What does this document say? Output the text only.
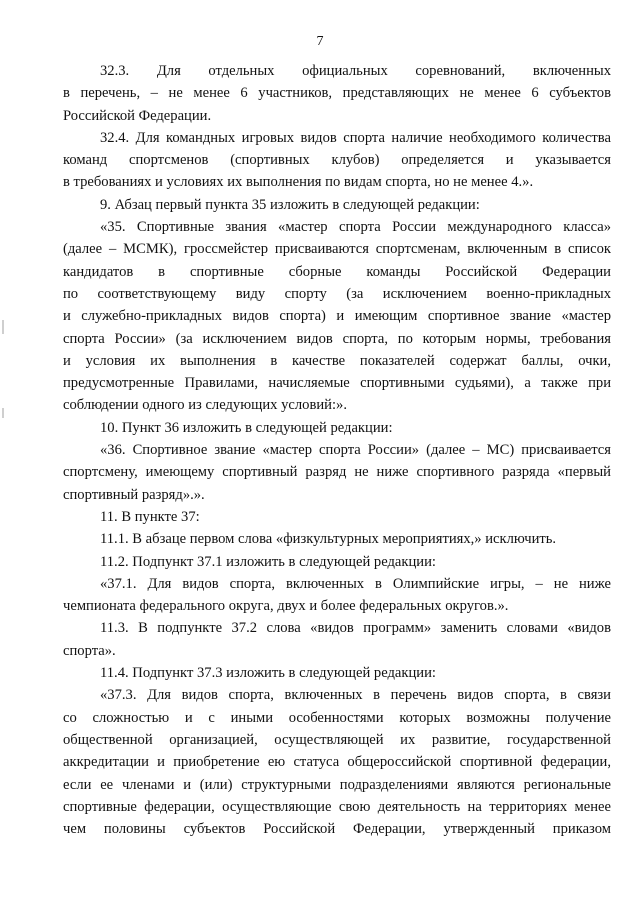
7

32.3. Для отдельных официальных соревнований, включенных
в перечень, – не менее 6 участников, представляющих не менее 6 субъектов
Российской Федерации.

32.4. Для командных игровых видов спорта наличие необходимого количества
команд спортсменов (спортивных клубов) определяется и указывается
в требованиях и условиях их выполнения по видам спорта, но не менее 4.».

9. Абзац первый пункта 35 изложить в следующей редакции:

«35. Спортивные звания «мастер спорта России международного класса»
(далее – МСМК), гроссмейстер присваиваются спортсменам, включенным в список
кандидатов в спортивные сборные команды Российской Федерации
по соответствующему виду спорту (за исключением военно-прикладных
и служебно-прикладных видов спорта) и имеющим спортивное звание «мастер
спорта России» (за исключением видов спорта, по которым нормы, требования
и условия их выполнения в качестве показателей содержат баллы, очки,
предусмотренные Правилами, начисляемые спортивными судьями), а также при
соблюдении одного из следующих условий:».

10. Пункт 36 изложить в следующей редакции:

«36. Спортивное звание «мастер спорта России» (далее – МС) присваивается
спортсмену, имеющему спортивный разряд не ниже спортивного разряда «первый
спортивный разряд».».

11. В пункте 37:

11.1. В абзаце первом слова «физкультурных мероприятиях,» исключить.

11.2. Подпункт 37.1 изложить в следующей редакции:

«37.1. Для видов спорта, включенных в Олимпийские игры, – не ниже
чемпионата федерального округа, двух и более федеральных округов.».

11.3. В подпункте 37.2 слова «видов программ» заменить словами «видов
спорта».

11.4. Подпункт 37.3 изложить в следующей редакции:

«37.3. Для видов спорта, включенных в перечень видов спорта, в связи
со сложностью и с иными особенностями которых возможны получение
общественной организацией, осуществляющей их развитие, государственной
аккредитации и приобретение ею статуса общероссийской спортивной федерации,
если ее членами и (или) структурными подразделениями являются региональные
спортивные федерации, осуществляющие свою деятельность на территориях менее
чем половины субъектов Российской Федерации, утвержденный приказом
